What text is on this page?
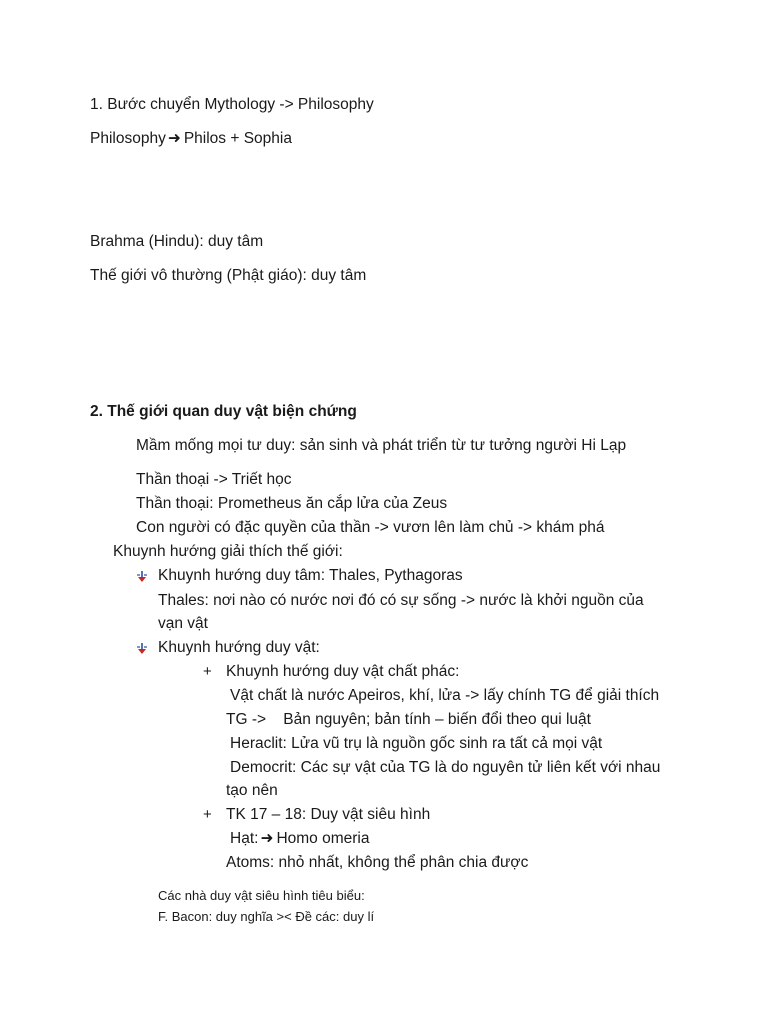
1. Bước chuyển Mythology -> Philosophy
Philosophy ➜ Philos + Sophia
Brahma (Hindu): duy tâm
Thế giới vô thường (Phật giáo): duy tâm
2. Thế giới quan duy vật biện chứng
Mầm mống mọi tư duy: sản sinh và phát triển từ tư tưởng người Hi Lạp
Thần thoại -> Triết học
Thần thoại: Prometheus ăn cắp lửa của Zeus
Con người có đặc quyền của thần -> vươn lên làm chủ -> khám phá
Khuynh hướng giải thích thế giới:
Khuynh hướng duy tâm: Thales, Pythagoras
Thales: nơi nào có nước nơi đó có sự sống -> nước là khởi nguồn của
vạn vật
Khuynh hướng duy vật:
+ Khuynh hướng duy vật chất phác:
Vật chất là nước Apeiros, khí, lửa -> lấy chính TG để giải thích
TG ->    Bản nguyên; bản tính – biến đổi theo qui luật
Heraclit: Lửa vũ trụ là nguồn gốc sinh ra tất cả mọi vật
Democrit: Các sự vật của TG là do nguyên tử liên kết với nhau
tạo nên
+ TK 17 – 18: Duy vật siêu hình
Hạt: ➜ Homo omeria
Atoms: nhỏ nhất, không thể phân chia được
Các nhà duy vật siêu hình tiêu biểu:
F. Bacon: duy nghĩa >< Đề các: duy lí
